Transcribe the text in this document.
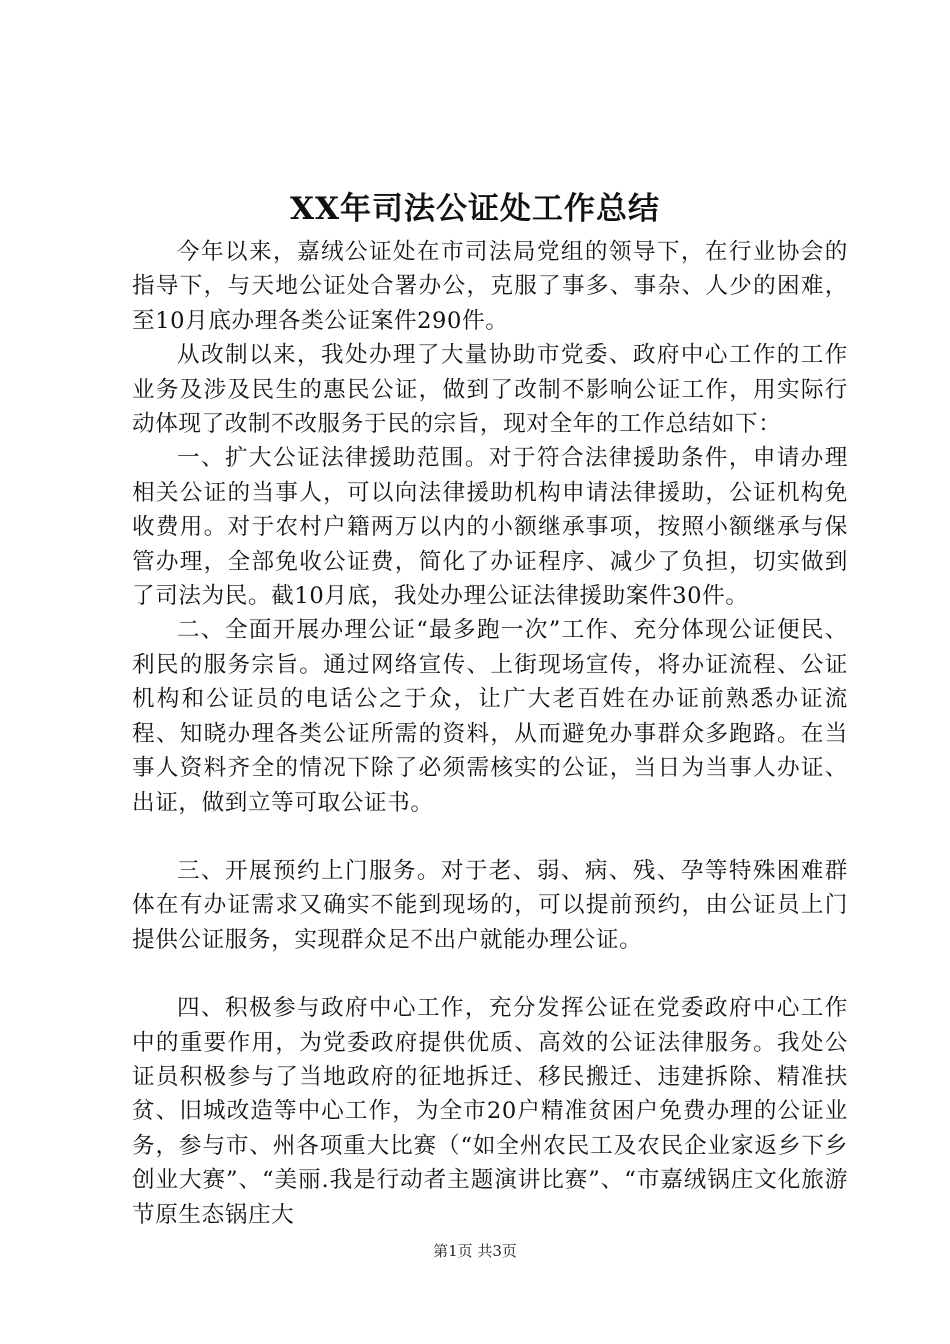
XX年司法公证处工作总结

今年以来，嘉绒公证处在市司法局党组的领导下，在行业协会的指导下，与天地公证处合署办公，克服了事多、事杂、人少的困难，至10月底办理各类公证案件290件。

从改制以来，我处办理了大量协助市党委、政府中心工作的工作业务及涉及民生的惠民公证，做到了改制不影响公证工作，用实际行动体现了改制不改服务于民的宗旨，现对全年的工作总结如下：

一、扩大公证法律援助范围。对于符合法律援助条件，申请办理相关公证的当事人，可以向法律援助机构申请法律援助，公证机构免收费用。对于农村户籍两万以内的小额继承事项，按照小额继承与保管办理，全部免收公证费，简化了办证程序、减少了负担，切实做到了司法为民。截10月底，我处办理公证法律援助案件30件。

二、全面开展办理公证“最多跑一次”工作、充分体现公证便民、利民的服务宗旨。通过网络宣传、上街现场宣传，将办证流程、公证机构和公证员的电话公之于众，让广大老百姓在办证前熟悉办证流程、知晓办理各类公证所需的资料，从而避免办事群众多跑路。在当事人资料齐全的情况下除了必须需核实的公证，当日为当事人办证、出证，做到立等可取公证书。

三、开展预约上门服务。对于老、弱、病、残、孕等特殊困难群体在有办证需求又确实不能到现场的，可以提前预约，由公证员上门提供公证服务，实现群众足不出户就能办理公证。

四、积极参与政府中心工作，充分发挥公证在党委政府中心工作中的重要作用，为党委政府提供优质、高效的公证法律服务。我处公证员积极参与了当地政府的征地拆迁、移民搬迁、违建拆除、精准扶贫、旧城改造等中心工作，为全市20户精准贫困户免费办理的公证业务，参与市、州各项重大比赛（“如全州农民工及农民企业家返乡下乡创业大赛”、“美丽.我是行动者主题演讲比赛”、“市嘉绒锅庄文化旅游节原生态锅庄大

第1页 共3页
